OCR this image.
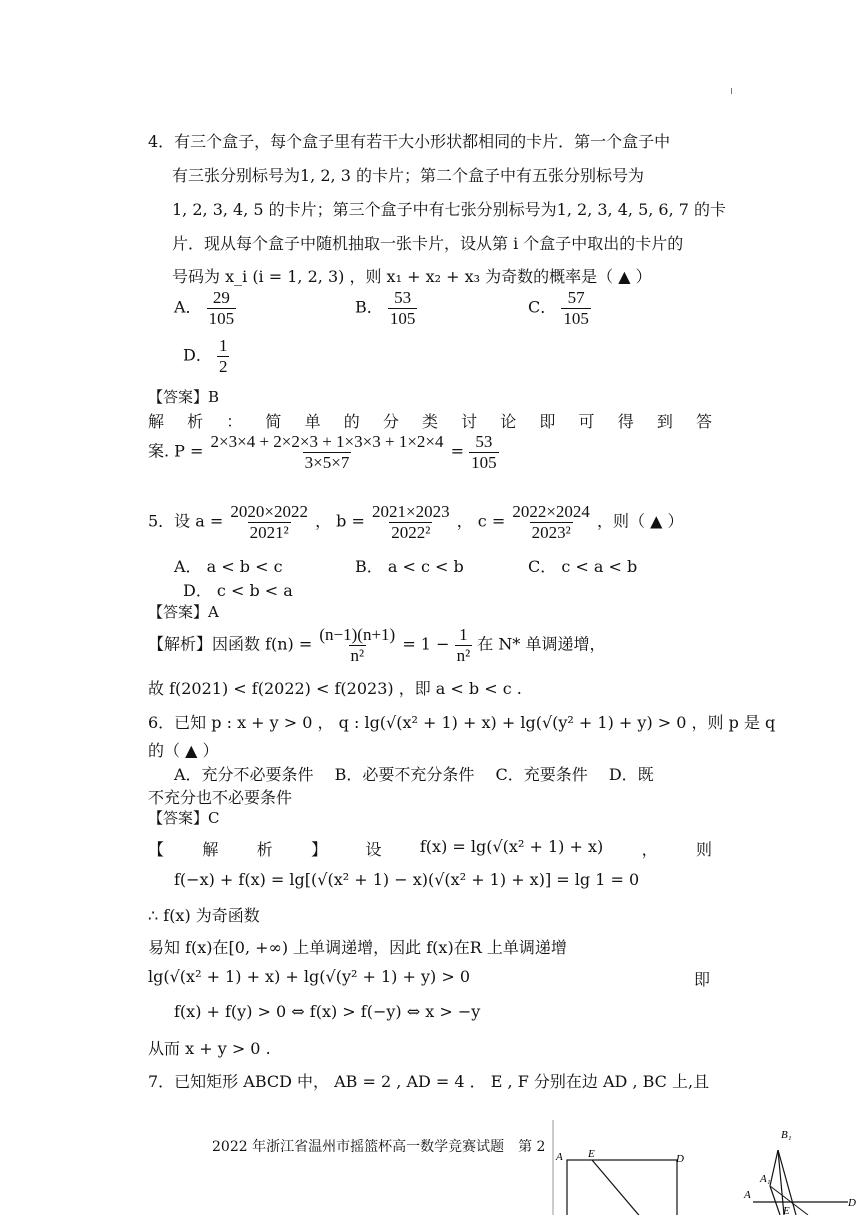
4．有三个盒子，每个盒子里有若干大小形状都相同的卡片．第一个盒子中
有三张分别标号为1, 2, 3 的卡片；第二个盒子中有五张分别标号为
1, 2, 3, 4, 5 的卡片；第三个盒子中有七张分别标号为1, 2, 3, 4, 5, 6, 7 的卡
片．现从每个盒子中随机抽取一张卡片，设从第 i 个盒子中取出的卡片的
号码为 x_i (i = 1, 2, 3) ，则 x₁ + x₂ + x₃ 为奇数的概率是（ ▲ ）
A． $\frac{29}{105}$	B． $\frac{53}{105}$	C． $\frac{57}{105}$
D． $\frac{1}{2}$
【答案】B
解 析 ： 简 单 的 分 类 讨 论 即 可 得 到 答
案. $P = \frac{2\times 3\times 4 + 2\times 2\times 3 + 1\times 3\times 3 + 1\times 2\times 4}{3\times 5\times 7} = \frac{53}{105}$
5．设 $a = \frac{2020\times 2022}{\text{2021²}}$ ， $b = \frac{2021\times 2023}{\text{2022²}}$ ， $c = \frac{2022\times 2024}{\text{2023²}}$ ，则（ ▲ ）
A． a < b < c	B． a < c < b	C． c < a < b
D． c < b < a
【答案】A
【解析】因函数 $f(n) = \frac{(n-1)(n+1)}{\text{n²}} = 1 - \frac{1}{\text{n²}}$ 在 N* 单调递增，
故 f(2021) < f(2022) < f(2023) ，即 a < b < c .
6．已知 p : x + y > 0 ， q : lg(√(x² + 1) + x) + lg(√(y² + 1) + y) > 0 ，则 p 是 q
的（ ▲ ）
A．充分不必要条件　 B．必要不充分条件　 C．充要条件　 D．既
不充分也不必要条件
【答案】C
【 解 析 】 设 f(x) = lg(√(x² + 1) + x) ， 则
f(−x) + f(x) = lg[(√(x² + 1) − x)(√(x² + 1) + x)] = lg 1 = 0
∴ f(x) 为奇函数
易知 f(x)在[0, +∞) 上单调递增，因此 f(x)在R 上单调递增
lg(√(x² + 1) + x) + lg(√(y² + 1) + y) > 0	即
f(x) + f(y) > 0 ⇔ f(x) > f(−y) ⇔ x > −y
从而 x + y > 0 .
7．已知矩形 ABCD 中， AB = 2 , AD = 4 ． E , F 分别在边 AD , BC 上,且
2022 年浙江省温州市摇篮杯高一数学竞赛试题　第 2
A E	D
B₁
A₁
A
E
D
